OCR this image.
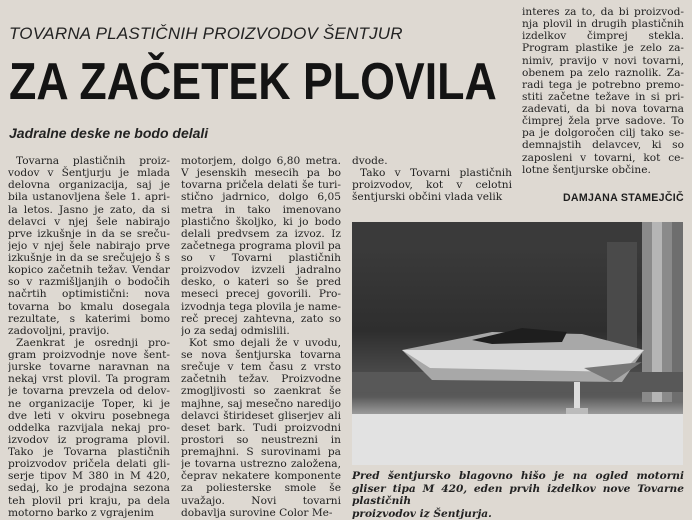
TOVARNA PLASTIČNIH PROIZVODOV ŠENTJUR
ZA ZAČETEK PLOVILA
Jadralne deske ne bodo delali

Tovarna plastičnih proizvodov v Šentjurju je mlada delovna organizacija, saj je bila ustanovljena šele 1. aprila letos. Jasno je zato, da si delavci v njej šele nabirajo prve izkušnje in da se srečujejo v njej šele nabirajo prve izkušnje in da se srečujejo š s kopico začetnih težav. Vendar so v razmišljanjih o bodočih načrtih optimistični: nova tovarna bo kmalu dosegala rezultate, s katerimi bomo zadovoljni, pravijo.

Zaenkrat je osrednji program proizvodnje nove šentjurske tovarne naravnan na nekaj vrst plovil. Ta program je tovarna prevzela od delovne organizacije Toper, ki je dve leti v okviru posebnega oddelka razvijala nekaj proizvodov iz programa plovil. Tako je Tovarna plastičnih proizvodov pričela delati gliserje tipov M 380 in M 420, sedaj, ko je prodajna sezona teh plovil pri kraju, pa dela motorno barko z vgrajenim

motorjem, dolgo 6,80 metra. V jesenskih mesecih pa bo tovarna pričela delati še turistično jadrnico, dolgo 6,05 metra in tako imenovano plastično školjko, ki jo bodo delali predvsem za izvoz. Iz začetnega programa plovil pa so v Tovarni plastičnih proizvodov izvzeli jadralno desko, o kateri so še pred meseci precej govorili. Proizvodnja tega plovila je namereč precej zahtevna, zato so jo za sedaj odmislili.

Kot smo dejali že v uvodu, se nova šentjurska tovarna srečuje v tem času z vrsto začetnih težav. Proizvodne zmogljivosti so zaenkrat še majhne, saj mesečno naredijo delavci štirideset gliserjev ali deset bark. Tudi proizvodni prostori so neustrezni in premajhni. S surovinami pa je tovarna ustrezno založena, čeprav nekatere komponente za poliesterske smole še uvažajo. Novi tovarni dobavlja surovine Color Me-

dvode.

Tako v Tovarni plastičnih proizvodov, kot v celotni šentjurski občini vlada velik

interes za to, da bi proizvodnja plovil in drugih plastičnih izdelkov čimprej stekla. Program plastike je zelo zanimiv, pravijo v novi tovarni, obenem pa zelo raznolik. Zaradi tega je potrebno premostiti začetne težave in si prizadevati, da bi nova tovarna čimprej žela prve sadove. To pa je dolgoročen cilj tako sedemnajstih delavcev, ki so zaposleni v tovarni, kot celotne šentjurske občine.

DAMJANA STAMEJČIČ
Pred šentjursko blagovno hišo je na ogled motorni gliser tipa M 420, eden prvih izdelkov nove Tovarne plastičnih
proizvodov iz Šentjurja.
